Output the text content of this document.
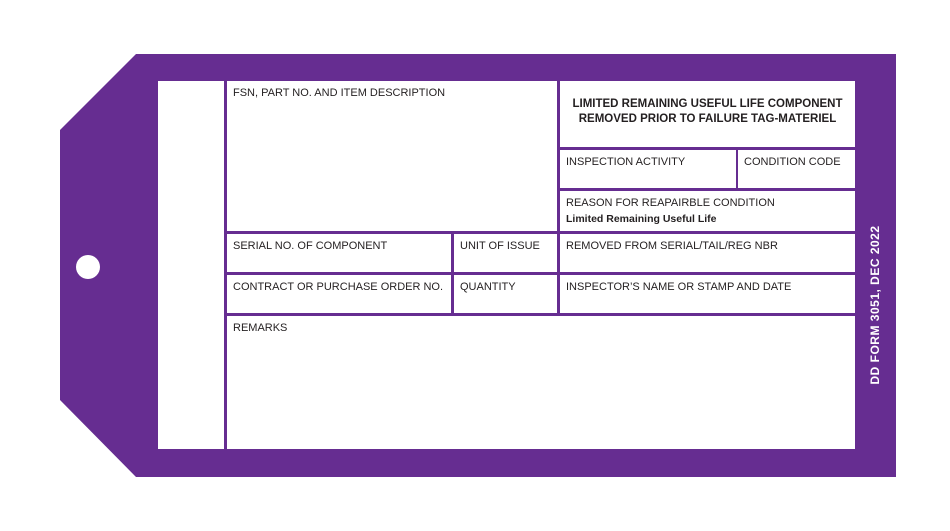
FSN, PART NO. AND ITEM DESCRIPTION
LIMITED REMAINING USEFUL LIFE COMPONENT REMOVED PRIOR TO FAILURE TAG-MATERIEL
INSPECTION ACTIVITY	CONDITION CODE
REASON FOR REAPAIRBLE CONDITION
Limited Remaining Useful Life
SERIAL NO. OF COMPONENT	UNIT OF ISSUE	REMOVED FROM SERIAL/TAIL/REG NBR
CONTRACT OR PURCHASE ORDER NO.	QUANTITY	INSPECTOR’S NAME OR STAMP AND DATE
REMARKS	DD FORM 3051, DEC 2022
